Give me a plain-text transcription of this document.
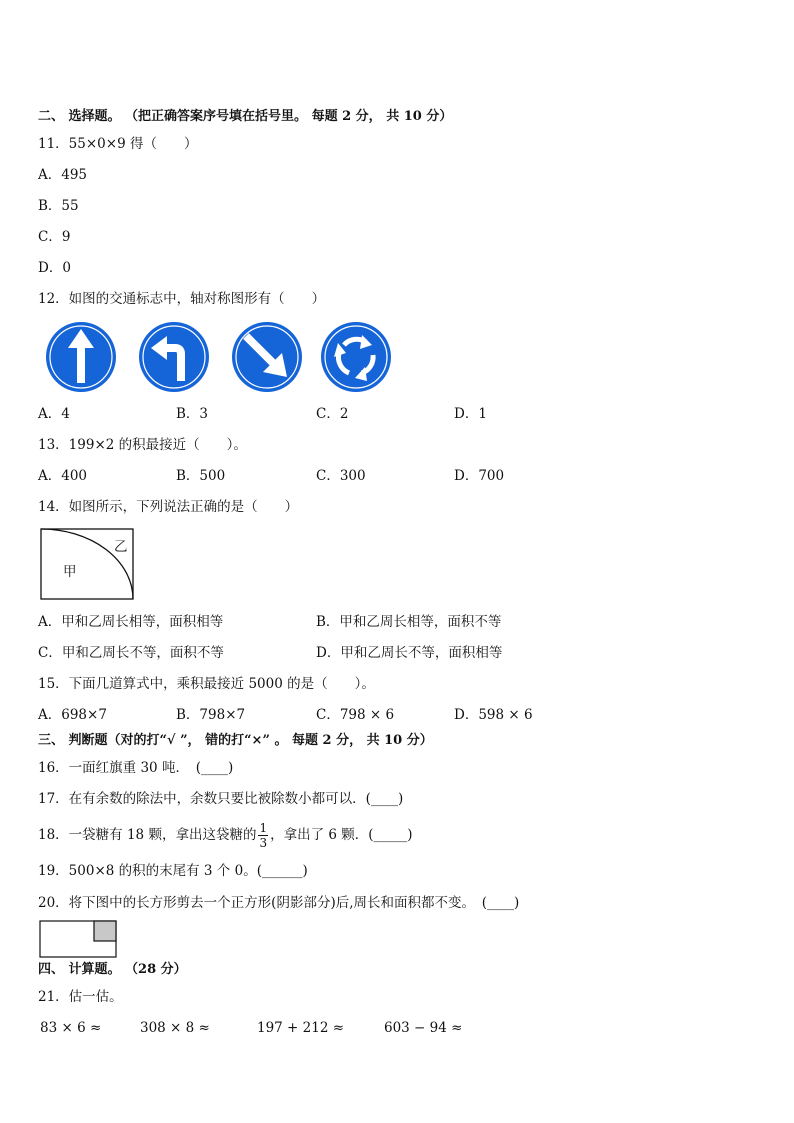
二、 选择题。 （把正确答案序号填在括号里。 每题 2 分， 共 10 分）
11．55×0×9 得（　　）
A．495
B．55
C．9
D．0
12．如图的交通标志中，轴对称图形有（　　）
A．4	B．3	C．2	D．1
13．199×2 的积最接近（　　）。
A．400	B．500	C．300	D．700
14．如图所示，下列说法正确的是（　　）
甲
乙
A．甲和乙周长相等，面积相等	B．甲和乙周长相等，面积不等
C．甲和乙周长不等，面积不等	D．甲和乙周长不等，面积相等
15．下面几道算式中，乘积最接近 5000 的是（　　）。
A．698×7	B．798×7	C．798 × 6	D．598 × 6
三、 判断题（对的打“√ ”， 错的打“×” 。 每题 2 分， 共 10 分）
16．一面红旗重 30 吨．　(____)
17．在有余数的除法中，余数只要比被除数小都可以．(____)
18．一袋糖有 18 颗，拿出这袋糖的 $\frac{1}{3}$ ，拿出了 6 颗．(_____)
19．500×8 的积的末尾有 3 个 0。(______)
20．将下图中的长方形剪去一个正方形(阴影部分)后,周长和面积都不变。　(____)
四、 计算题。 （28 分）
21．估一估。
83 × 6 ≈	308 × 8 ≈	197 + 212 ≈	603 − 94 ≈
